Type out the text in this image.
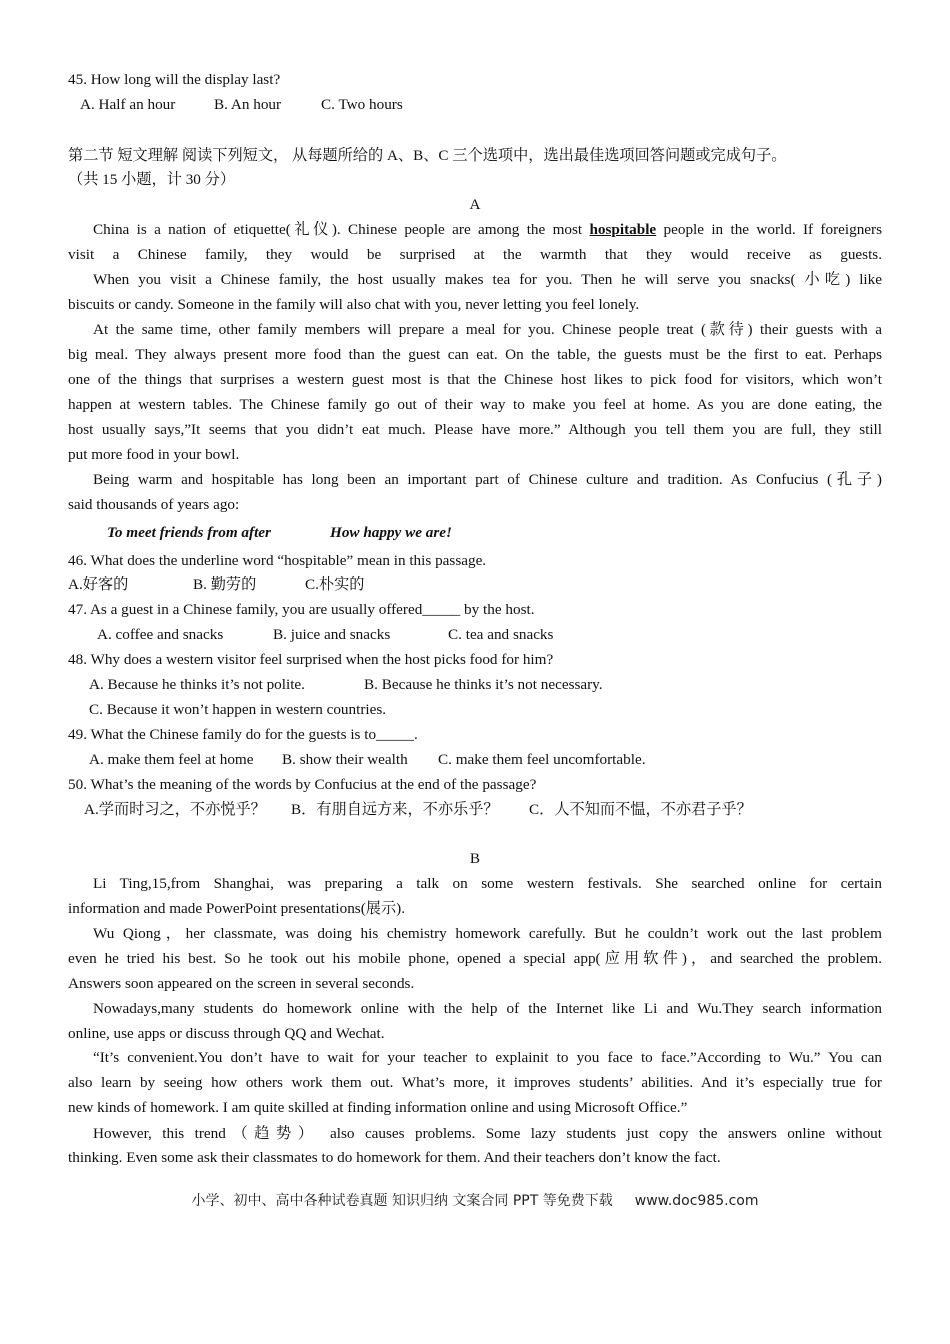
45. How long will the display last?
A. Half an hour	B. An hour	C. Two hours
第二节 短文理解 阅读下列短文， 从每题所给的 A、B、C 三个选项中，选出最佳选项回答问题或完成句子。
（共 15 小题，计 30 分）
A
China is a nation of etiquette(礼仪). Chinese people are among the most hospitable people in the world. If foreigners
visit a Chinese family, they would be surprised at the warmth that they would receive as guests.
When you visit a Chinese family, the host usually makes tea for you. Then he will serve you snacks( 小吃) like
biscuits or candy. Someone in the family will also chat with you, never letting you feel lonely.
At the same time, other family members will prepare a meal for you. Chinese people treat (款待) their guests with a
big meal. They always present more food than the guest can eat. On the table, the guests must be the first to eat. Perhaps
one of the things that surprises a western guest most is that the Chinese host likes to pick food for visitors, which won’t
happen at western tables. The Chinese family go out of their way to make you feel at home. As you are done eating, the
host usually says,”It seems that you didn’t eat much. Please have more.” Although you tell them you are full, they still
put more food in your bowl.
Being warm and hospitable has long been an important part of Chinese culture and tradition. As Confucius (孔子)
said thousands of years ago:
To meet friends from after	How happy we are!
46. What does the underline word “hospitable” mean in this passage.
A.好客的	B. 勤劳的	C.朴实的
47. As a guest in a Chinese family, you are usually offered_____ by the host.
A. coffee and snacks	B. juice and snacks	C. tea and snacks
48. Why does a western visitor feel surprised when the host picks food for him?
A. Because he thinks it’s not polite.	B. Because he thinks it’s not necessary.
C. Because it won’t happen in western countries.
49. What the Chinese family do for the guests is to_____.
A. make them feel at home B. show their wealth C. make them feel uncomfortable.
50. What’s the meaning of the words by Confucius at the end of the passage?
A.学而时习之，不亦悦乎？ B．有朋自远方来，不亦乐乎？ C．人不知而不愠，不亦君子乎？
B
Li Ting,15,from Shanghai, was preparing a talk on some western festivals. She searched online for certain
information and made PowerPoint presentations(展示).
Wu Qiong，her classmate, was doing his chemistry homework carefully. But he couldn’t work out the last problem
even he tried his best. So he took out his mobile phone, opened a special app(应用软件)，and searched the problem.
Answers soon appeared on the screen in several seconds.
Nowadays,many students do homework online with the help of the Internet like Li and Wu.They search information
online, use apps or discuss through QQ and Wechat.
“It’s convenient.You don’t have to wait for your teacher to explainit to you face to face.”According to Wu.” You can
also learn by seeing how others work them out. What’s more, it improves students’ abilities. And it’s especially true for
new kinds of homework. I am quite skilled at finding information online and using Microsoft Office.”
However, this trend（趋势） also causes problems. Some lazy students just copy the answers online without
thinking. Even some ask their classmates to do homework for them. And their teachers don’t know the fact.
小学、初中、高中各种试卷真题 知识归纳 文案合同 PPT 等免费下载 www.doc985.com
